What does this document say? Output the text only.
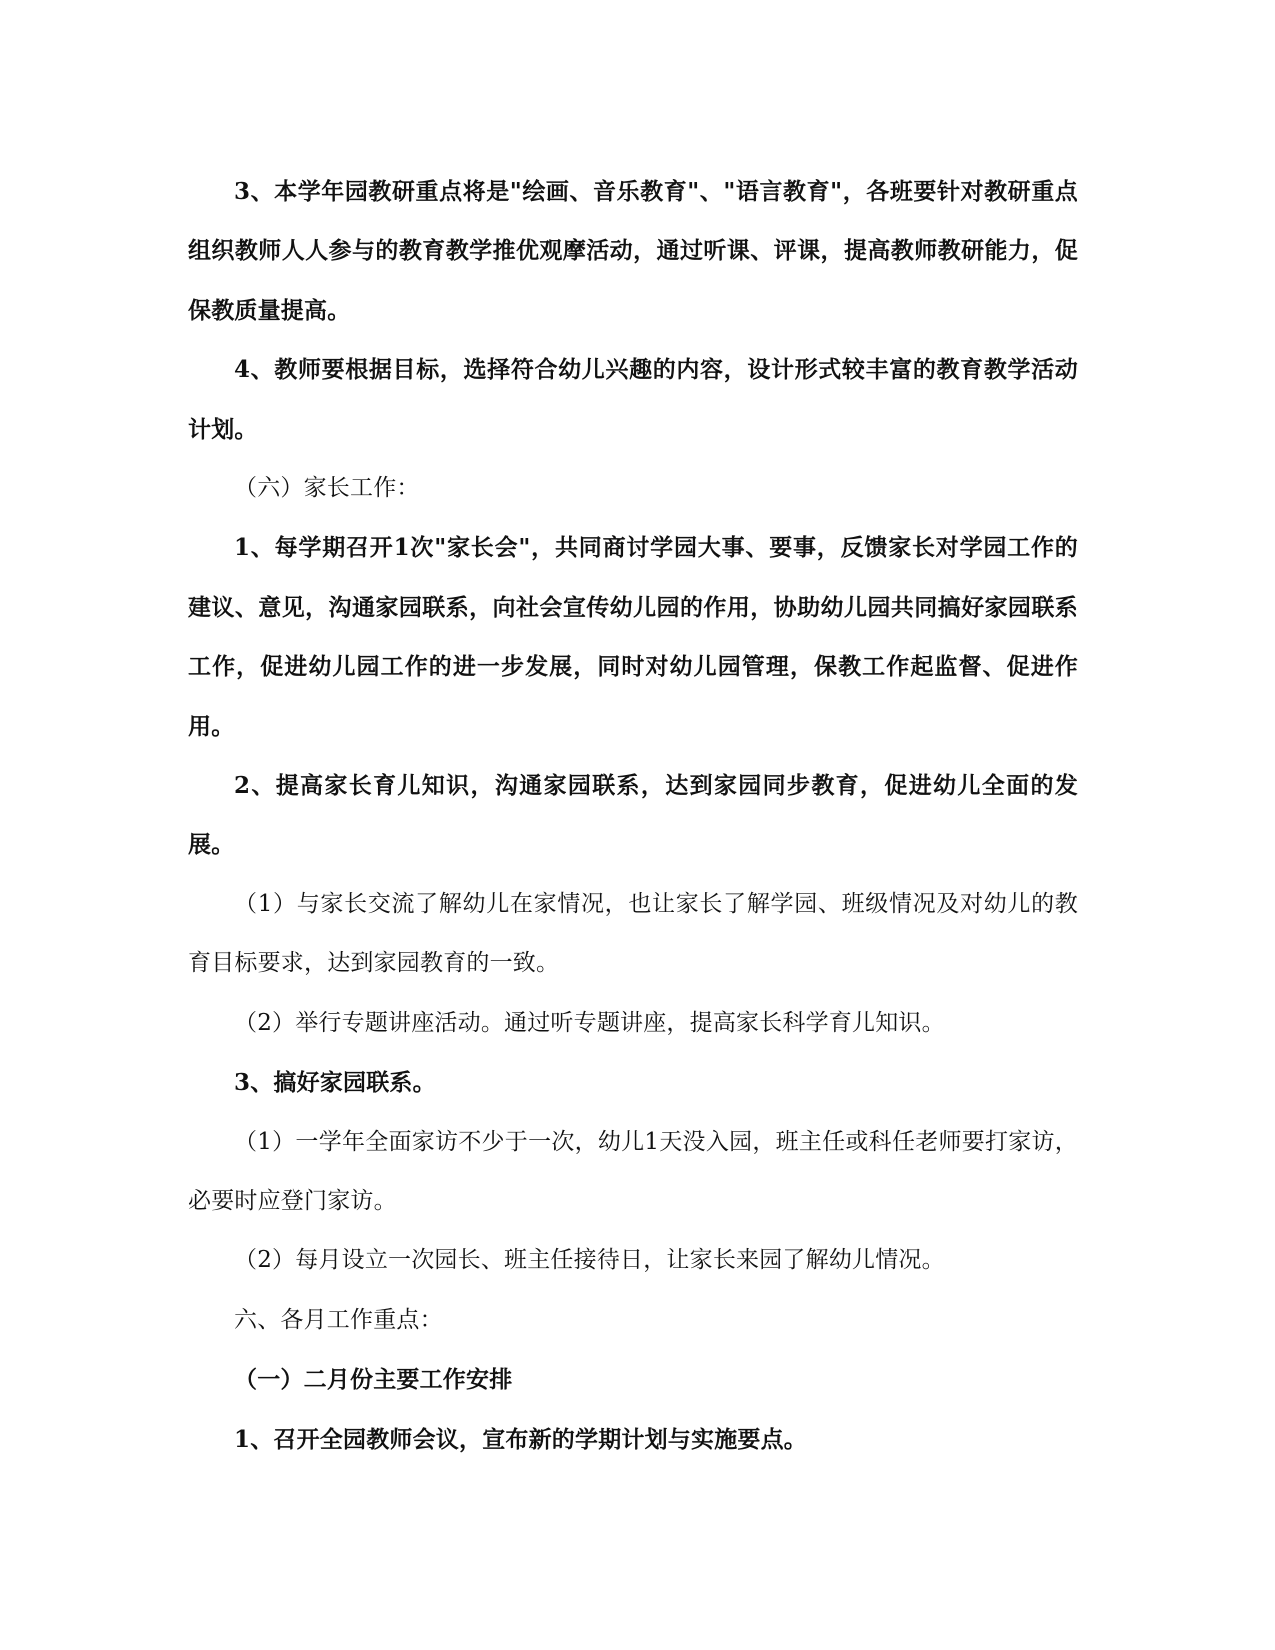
3、本学年园教研重点将是"绘画、音乐教育"、"语言教育"，各班要针对教研重点组织教师人人参与的教育教学推优观摩活动，通过听课、评课，提高教师教研能力，促保教质量提高。

4、教师要根据目标，选择符合幼儿兴趣的内容，设计形式较丰富的教育教学活动计划。

（六）家长工作：

1、每学期召开1次"家长会"，共同商讨学园大事、要事，反馈家长对学园工作的建议、意见，沟通家园联系，向社会宣传幼儿园的作用，协助幼儿园共同搞好家园联系工作，促进幼儿园工作的进一步发展，同时对幼儿园管理，保教工作起监督、促进作用。

2、提高家长育儿知识，沟通家园联系，达到家园同步教育，促进幼儿全面的发展。

（1）与家长交流了解幼儿在家情况，也让家长了解学园、班级情况及对幼儿的教育目标要求，达到家园教育的一致。

（2）举行专题讲座活动。通过听专题讲座，提高家长科学育儿知识。

3、搞好家园联系。

（1）一学年全面家访不少于一次，幼儿1天没入园，班主任或科任老师要打家访，必要时应登门家访。

（2）每月设立一次园长、班主任接待日，让家长来园了解幼儿情况。

六、各月工作重点：

（一）二月份主要工作安排

1、召开全园教师会议，宣布新的学期计划与实施要点。
